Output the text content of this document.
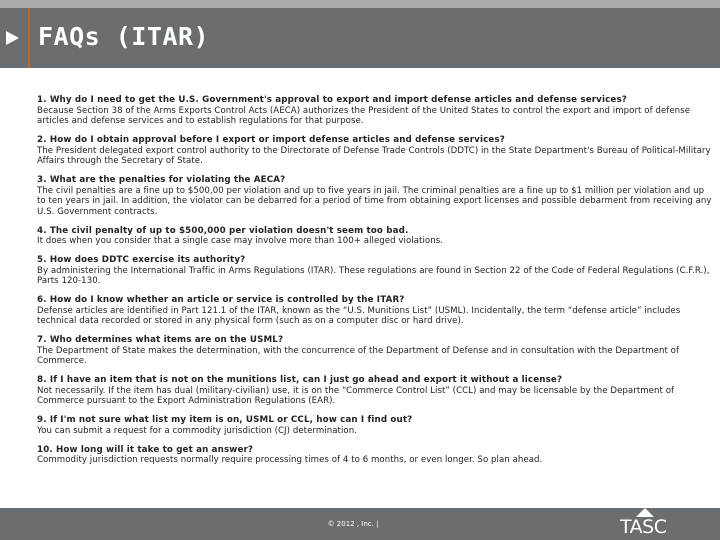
FAQs (ITAR)
1. Why do I need to get the U.S. Government's approval to export and import defense articles and defense services?
Because Section 38 of the Arms Exports Control Acts (AECA) authorizes the President of the United States to control the export and import of defense articles and defense services and to establish regulations for that purpose.
2. How do I obtain approval before I export or import defense articles and defense services?
The President delegated export control authority to the Directorate of Defense Trade Controls (DDTC) in the State Department's Bureau of Political-Military Affairs through the Secretary of State.
3. What are the penalties for violating the AECA?
The civil penalties are a fine up to $500,00 per violation and up to five years in jail. The criminal penalties are a fine up to $1 million per violation and up to ten years in jail. In addition, the violator can be debarred for a period of time from obtaining export licenses and possible debarment from receiving any U.S. Government contracts.
4. The civil penalty of up to $500,000 per violation doesn't seem too bad.
It does when you consider that a single case may involve more than 100+ alleged violations.
5. How does DDTC exercise its authority?
By administering the International Traffic in Arms Regulations (ITAR). These regulations are found in Section 22 of the Code of Federal Regulations (C.F.R.), Parts 120-130.
6. How do I know whether an article or service is controlled by the ITAR?
Defense articles are identified in Part 121.1 of the ITAR, known as the “U.S. Munitions List” (USML). Incidentally, the term “defense article” includes technical data recorded or stored in any physical form (such as on a computer disc or hard drive).
7. Who determines what items are on the USML?
The Department of State makes the determination, with the concurrence of the Department of Defense and in consultation with the Department of Commerce.
8. If I have an item that is not on the munitions list, can I just go ahead and export it without a license?
Not necessarily. If the item has dual (military-civilian) use, it is on the “Commerce Control List” (CCL) and may be licensable by the Department of Commerce pursuant to the Export Administration Regulations (EAR).
9. If I'm not sure what list my item is on, USML or CCL, how can I find out?
You can submit a request for a commodity jurisdiction (CJ) determination.
10. How long will it take to get an answer?
Commodity jurisdiction requests normally require processing times of 4 to 6 months, or even longer. So plan ahead.
© 2012 , Inc. |	TASC
